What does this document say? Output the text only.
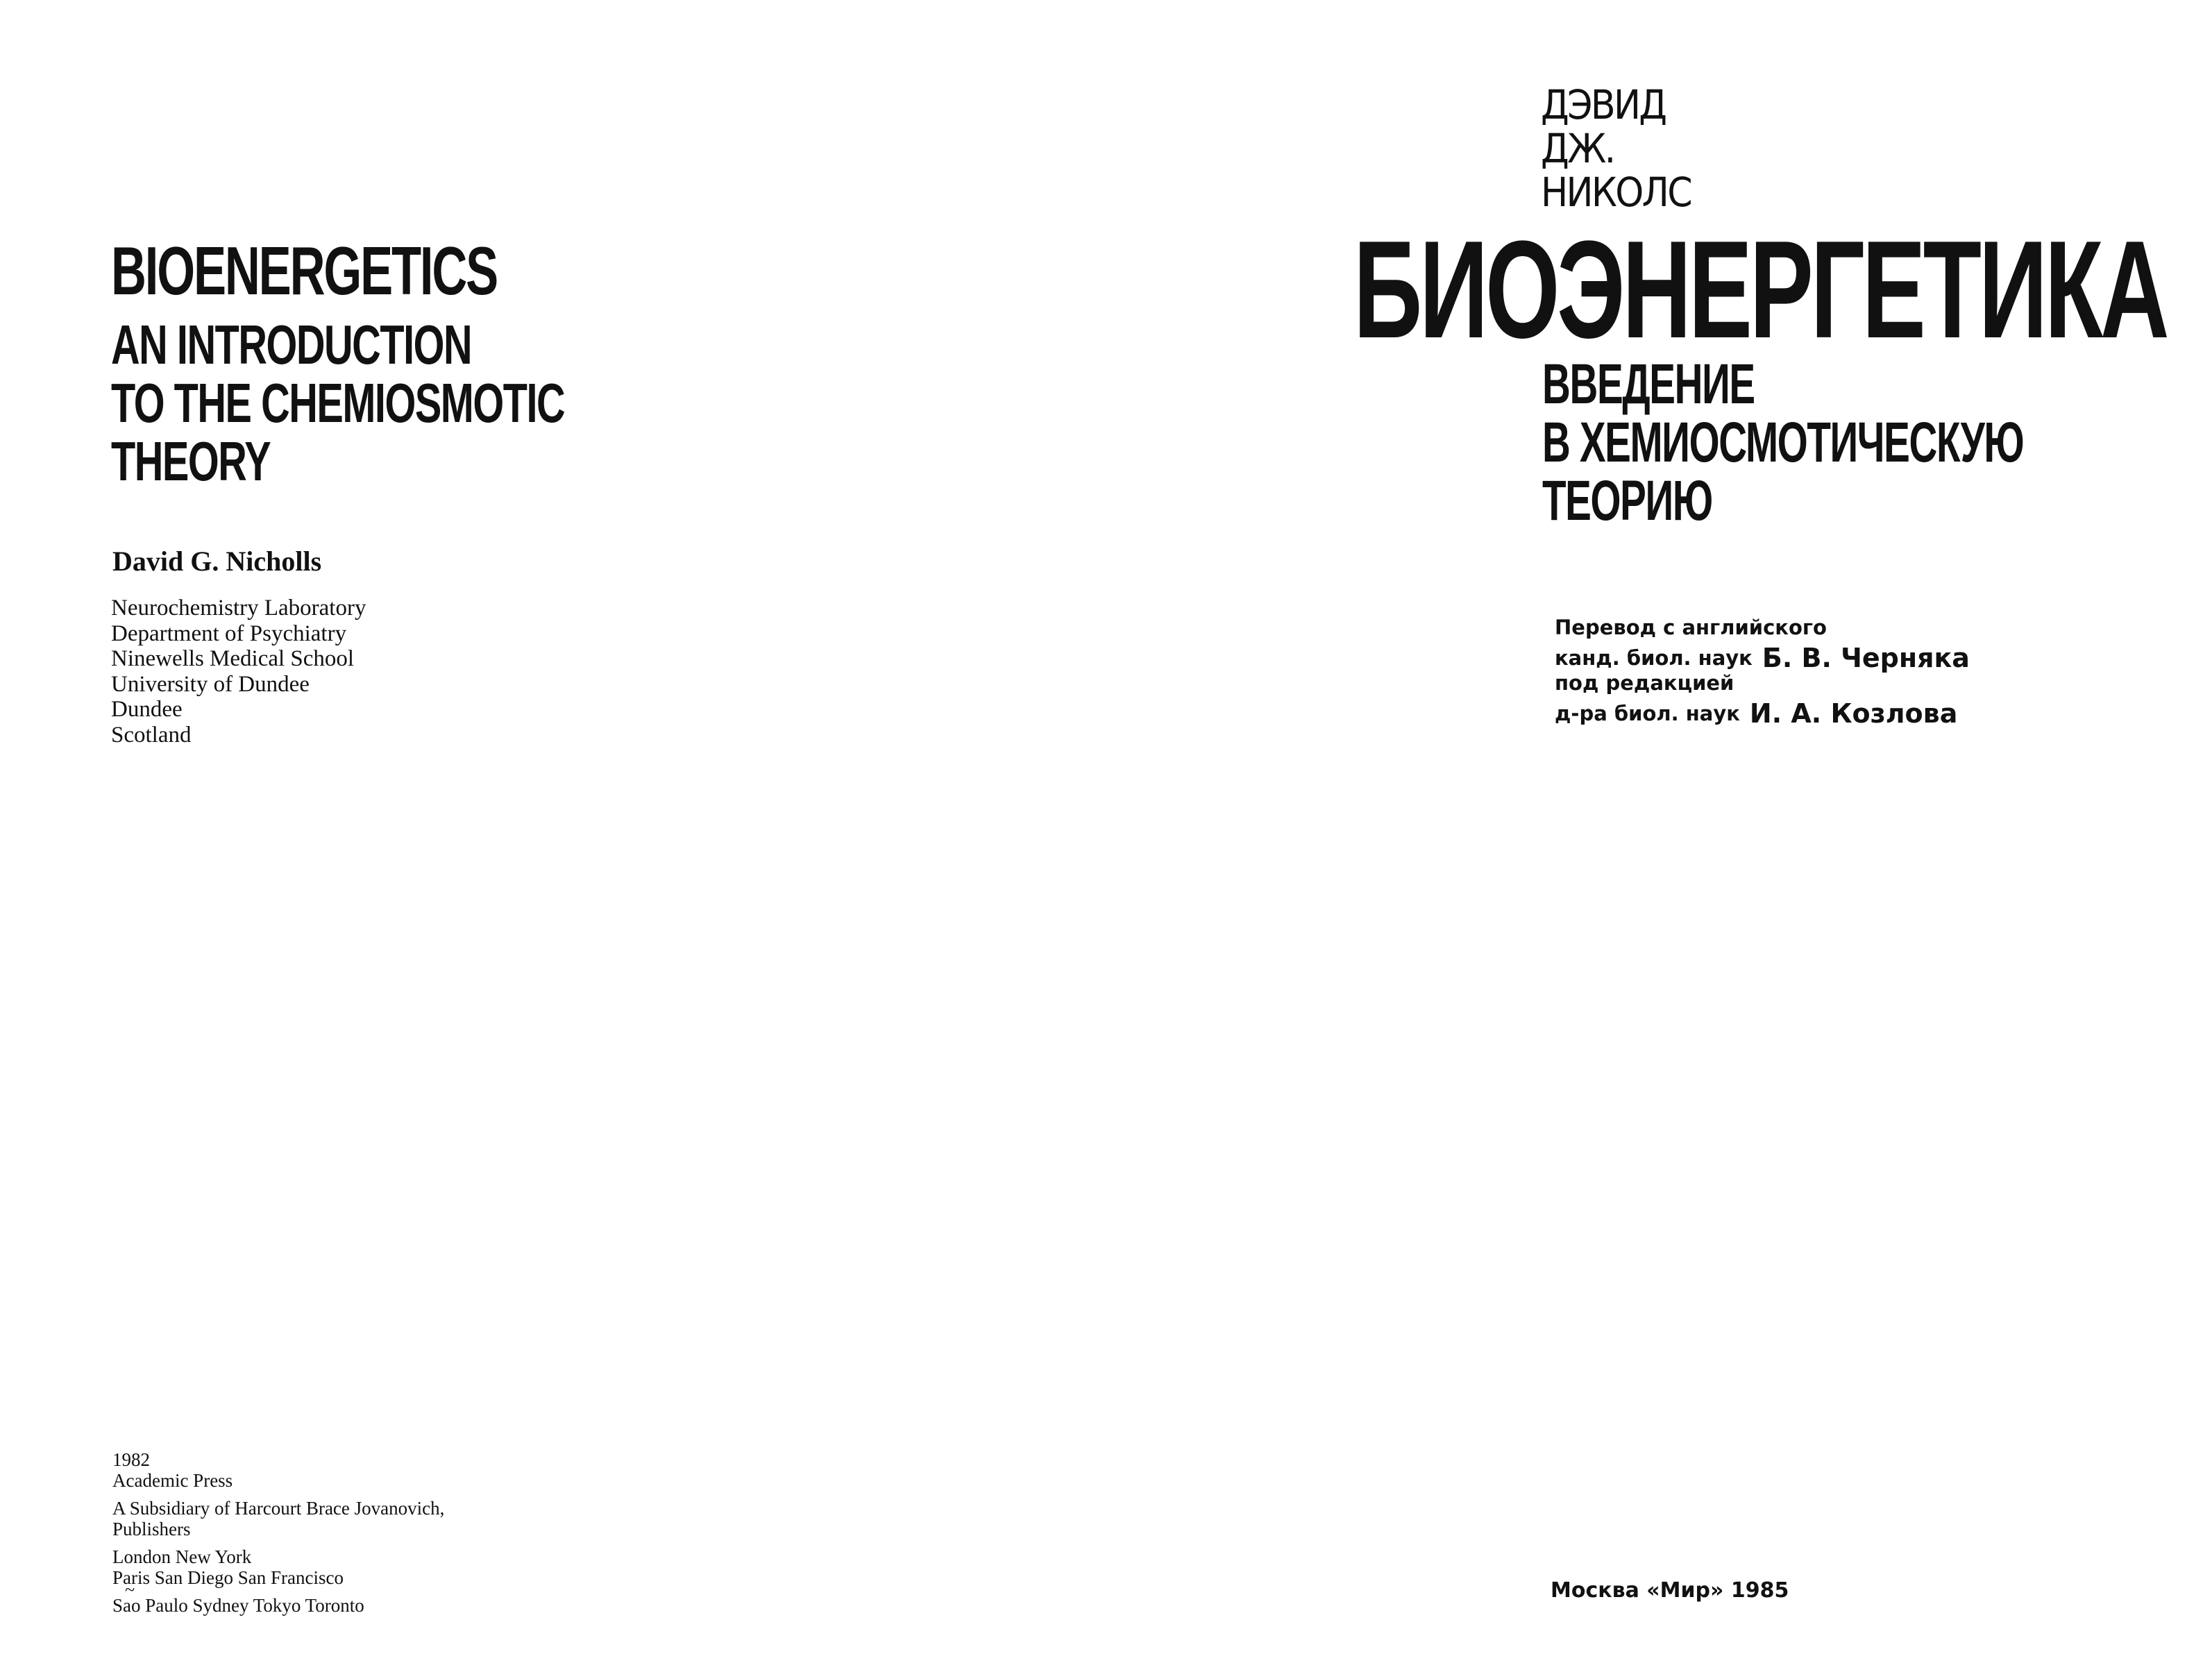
BIOENERGETICS
AN INTRODUCTION
TO THE CHEMIOSMOTIC
THEORY
David G. Nicholls
Neurochemistry Laboratory
Department of Psychiatry
Ninewells Medical School
University of Dundee
Dundee
Scotland
1982
Academic Press
A Subsidiary of Harcourt Brace Jovanovich,
Publishers
London New York
Paris San Diego San Francisco
Sao ~ Paulo Sydney Tokyo Toronto
ДЭВИД
ДЖ.
НИКОЛС
БИОЭНЕРГЕТИКА
ВВЕДЕНИЕ
В ХЕМИОСМОТИЧЕСКУЮ
ТЕОРИЮ
Перевод с английского
канд. биол. наук Б. В. Черняка
под редакцией
д-ра биол. наук И. А. Козлова
Москва «Мир» 1985
